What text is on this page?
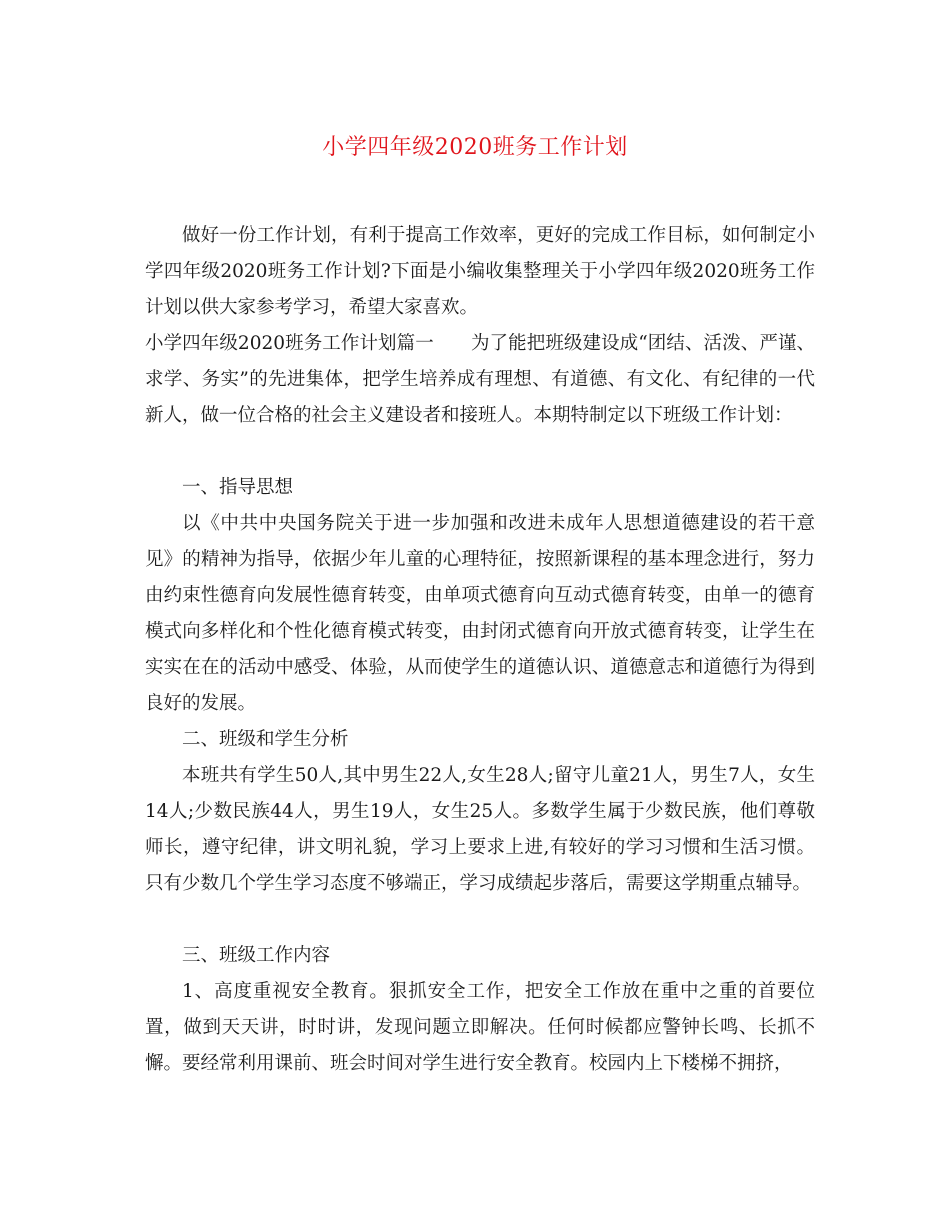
小学四年级2020班务工作计划

做好一份工作计划，有利于提高工作效率，更好的完成工作目标，如何制定小学四年级2020班务工作计划?下面是小编收集整理关于小学四年级2020班务工作计划以供大家参考学习，希望大家喜欢。

小学四年级2020班务工作计划篇一　　为了能把班级建设成“团结、活泼、严谨、求学、务实”的先进集体，把学生培养成有理想、有道德、有文化、有纪律的一代新人，做一位合格的社会主义建设者和接班人。本期特制定以下班级工作计划：

一、指导思想

以《中共中央国务院关于进一步加强和改进未成年人思想道德建设的若干意见》的精神为指导，依据少年儿童的心理特征，按照新课程的基本理念进行，努力由约束性德育向发展性德育转变，由单项式德育向互动式德育转变，由单一的德育模式向多样化和个性化德育模式转变，由封闭式德育向开放式德育转变，让学生在实实在在的活动中感受、体验，从而使学生的道德认识、道德意志和道德行为得到良好的发展。

二、班级和学生分析

本班共有学生50人,其中男生22人,女生28人;留守儿童21人，男生7人，女生14人;少数民族44人，男生19人，女生25人。多数学生属于少数民族，他们尊敬师长，遵守纪律，讲文明礼貌，学习上要求上进,有较好的学习习惯和生活习惯。只有少数几个学生学习态度不够端正，学习成绩起步落后，需要这学期重点辅导。

三、班级工作内容

1、高度重视安全教育。狠抓安全工作，把安全工作放在重中之重的首要位置，做到天天讲，时时讲，发现问题立即解决。任何时候都应警钟长鸣、长抓不懈。要经常利用课前、班会时间对学生进行安全教育。校园内上下楼梯不拥挤，
